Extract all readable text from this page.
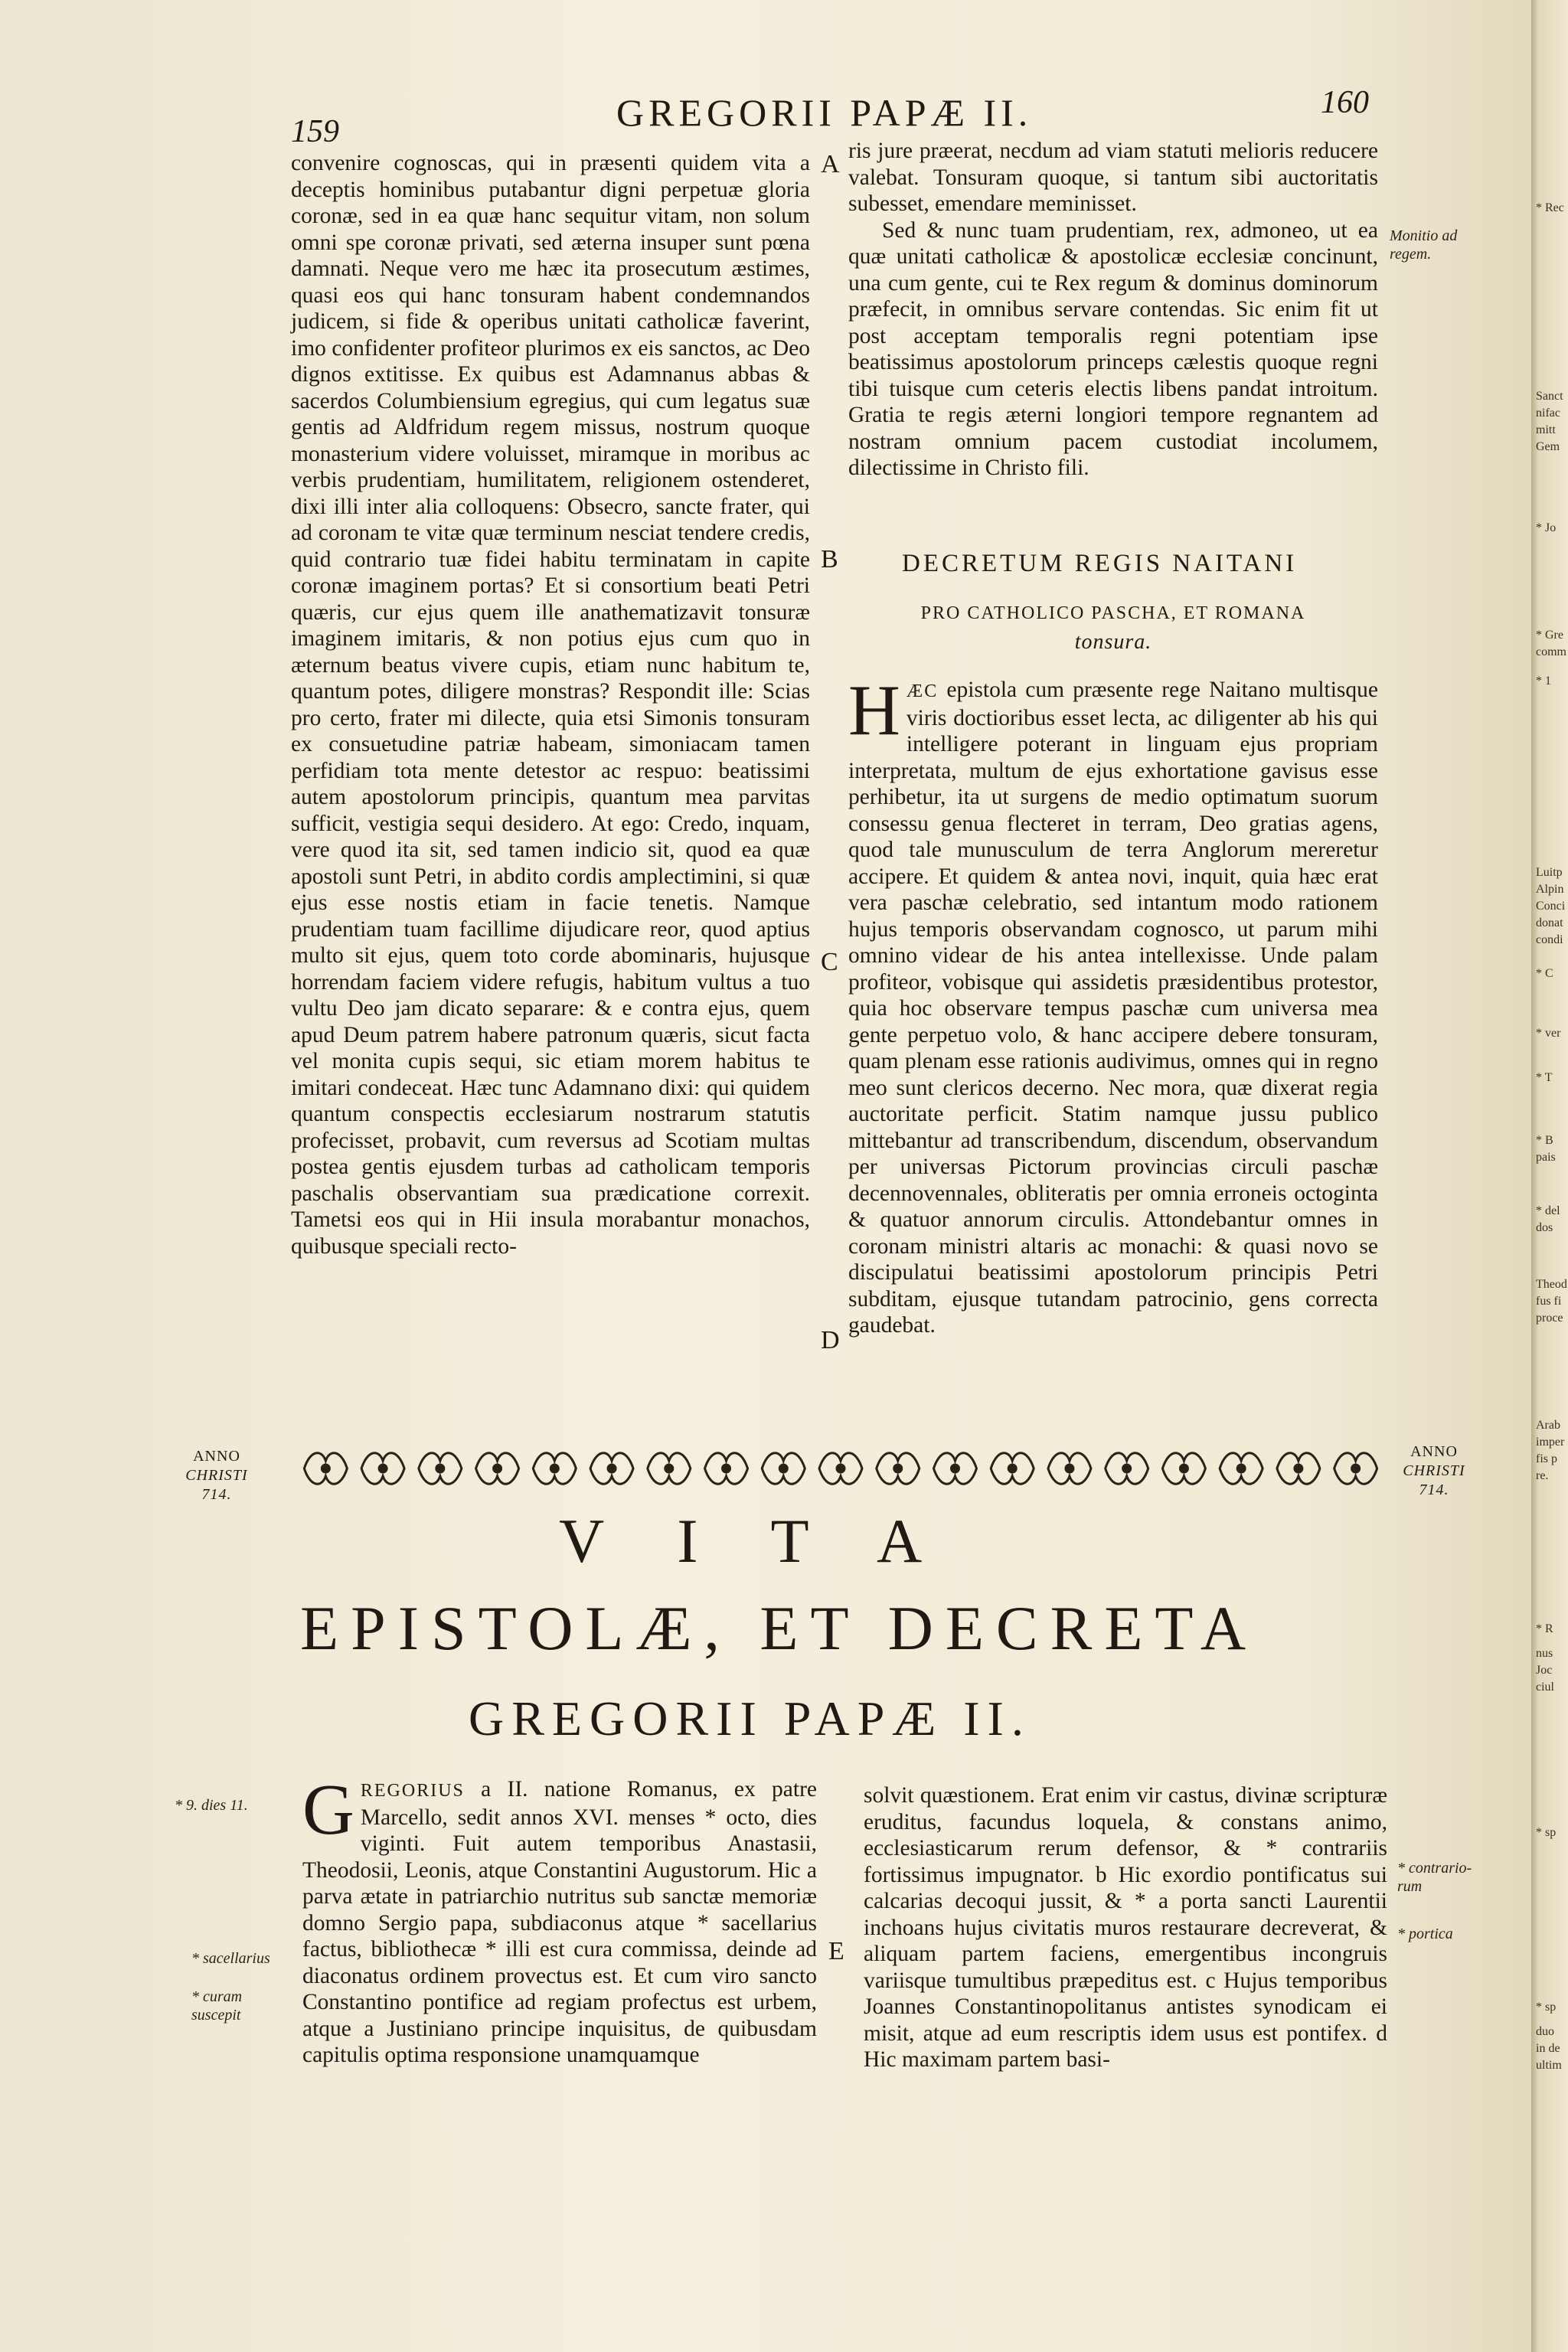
159	GREGORII PAPÆ II.	160

convenire cognoscas, qui in præsenti quidem vita a deceptis hominibus putabantur digni perpetuæ gloria coronæ, sed in ea quæ hanc sequitur vitam, non solum omni spe coronæ privati, sed æterna insuper sunt pœna damnati. Neque vero me hæc ita prosecutum æstimes, quasi eos qui hanc tonsuram habent condemnandos judicem, si fide & operibus unitati catholicæ faverint, imo confidenter profiteor plurimos ex eis sanctos, ac Deo dignos extitisse. Ex quibus est Adamnanus abbas & sacerdos Columbiensium egregius, qui cum legatus suæ gentis ad Aldfridum regem missus, nostrum quoque monasterium videre voluisset, miramque in moribus ac verbis prudentiam, humilitatem, religionem ostenderet, dixi illi inter alia colloquens: Obsecro, sancte frater, qui ad coronam te vitæ quæ terminum nesciat tendere credis, quid contrario tuæ fidei habitu terminatam in capite coronæ imaginem portas? Et si consortium beati Petri quæris, cur ejus quem ille anathematizavit tonsuræ imaginem imitaris, & non potius ejus cum quo in æternum beatus vivere cupis, etiam nunc habitum te, quantum potes, diligere monstras? Respondit ille: Scias pro certo, frater mi dilecte, quia etsi Simonis tonsuram ex consuetudine patriæ habeam, simoniacam tamen perfidiam tota mente detestor ac respuo: beatissimi autem apostolorum principis, quantum mea parvitas sufficit, vestigia sequi desidero. At ego: Credo, inquam, vere quod ita sit, sed tamen indicio sit, quod ea quæ apostoli sunt Petri, in abdito cordis amplectimini, si quæ ejus esse nostis etiam in facie tenetis. Namque prudentiam tuam facillime dijudicare reor, quod aptius multo sit ejus, quem toto corde abominaris, hujusque horrendam faciem videre refugis, habitum vultus a tuo vultu Deo jam dicato separare: & e contra ejus, quem apud Deum patrem habere patronum quæris, sicut facta vel monita cupis sequi, sic etiam morem habitus te imitari condeceat. Hæc tunc Adamnano dixi: qui quidem quantum conspectis ecclesiarum nostrarum statutis profecisset, probavit, cum reversus ad Scotiam multas postea gentis ejusdem turbas ad catholicam temporis paschalis observantiam sua prædicatione correxit. Tametsi eos qui in Hii insula morabantur monachos, quibusque speciali recto-

A
B
C
D
E

ris jure præerat, necdum ad viam statuti melioris reducere valebat. Tonsuram quoque, si tantum sibi auctoritatis subesset, emendare meminisset.

Sed & nunc tuam prudentiam, rex, admoneo, ut ea quæ unitati catholicæ & apostolicæ ecclesiæ concinunt, una cum gente, cui te Rex regum & dominus dominorum præfecit, in omnibus servare contendas. Sic enim fit ut post acceptam temporalis regni potentiam ipse beatissimus apostolorum princeps cælestis quoque regni tibi tuisque cum ceteris electis libens pandat introitum. Gratia te regis æterni longiori tempore regnantem ad nostram omnium pacem custodiat incolumem, dilectissime in Christo fili.

Monitio ad regem.
DECRETUM REGIS NAITANI
PRO CATHOLICO PASCHA, ET ROMANA
tonsura.

HÆC epistola cum præsente rege Naitano multisque viris doctioribus esset lecta, ac diligenter ab his qui intelligere poterant in linguam ejus propriam interpretata, multum de ejus exhortatione gavisus esse perhibetur, ita ut surgens de medio optimatum suorum consessu genua flecteret in terram, Deo gratias agens, quod tale munusculum de terra Anglorum mereretur accipere. Et quidem & antea novi, inquit, quia hæc erat vera paschæ celebratio, sed intantum modo rationem hujus temporis observandam cognosco, ut parum mihi omnino videar de his antea intellexisse. Unde palam profiteor, vobisque qui assidetis præsidentibus protestor, quia hoc observare tempus paschæ cum universa mea gente perpetuo volo, & hanc accipere debere tonsuram, quam plenam esse rationis audivimus, omnes qui in regno meo sunt clericos decerno. Nec mora, quæ dixerat regia auctoritate perficit. Statim namque jussu publico mittebantur ad transcribendum, discendum, observandum per universas Pictorum provincias circuli paschæ decennovennales, obliteratis per omnia erroneis octoginta & quatuor annorum circulis. Attondebantur omnes in coronam ministri altaris ac monachi: & quasi novo se discipulatui beatissimi apostolorum principis Petri subditam, ejusque tutandam patrocinio, gens correcta gaudebat.

ANNO
CHRISTI
714.
ANNO
CHRISTI
714.
VITA
EPISTOLÆ, ET DECRETA
GREGORII PAPÆ II.
* 9. dies 11.
* sacellarius
* curam suscepit

GREGORIUS a II. natione Romanus, ex patre Marcello, sedit annos XVI. menses * octo, dies viginti. Fuit autem temporibus Anastasii, Theodosii, Leonis, atque Constantini Augustorum. Hic a parva ætate in patriarchio nutritus sub sanctæ memoriæ domno Sergio papa, subdiaconus atque * sacellarius factus, bibliothecæ * illi est cura commissa, deinde ad diaconatus ordinem provectus est. Et cum viro sancto Constantino pontifice ad regiam profectus est urbem, atque a Justiniano principe inquisitus, de quibusdam capitulis optima responsione unamquamque

solvit quæstionem. Erat enim vir castus, divinæ scripturæ eruditus, facundus loquela, & constans animo, ecclesiasticarum rerum defensor, & * contrariis fortissimus impugnator. b Hic exordio pontificatus sui calcarias decoqui jussit, & * a porta sancti Laurentii inchoans hujus civitatis muros restaurare decreverat, & aliquam partem faciens, emergentibus incongruis variisque tumultibus præpeditus est. c Hujus temporibus Joannes Constantinopolitanus antistes synodicam ei misit, atque ad eum rescriptis idem usus est pontifex. d Hic maximam partem basi-

* contrario-rum
* portica
* Rec
Sanct
nifac
mitt
Gem
* Jo
* Gre
comm
* 1
Luitp
Alpin
Conci
donat
condi
* C
* ver
* T
* B
pais
* del
dos
Theod
fus fi
proce
Arab
imper
fis p
re.
* R
nus
Joc
ciul
* sp
* sp
duo
in de
ultim
